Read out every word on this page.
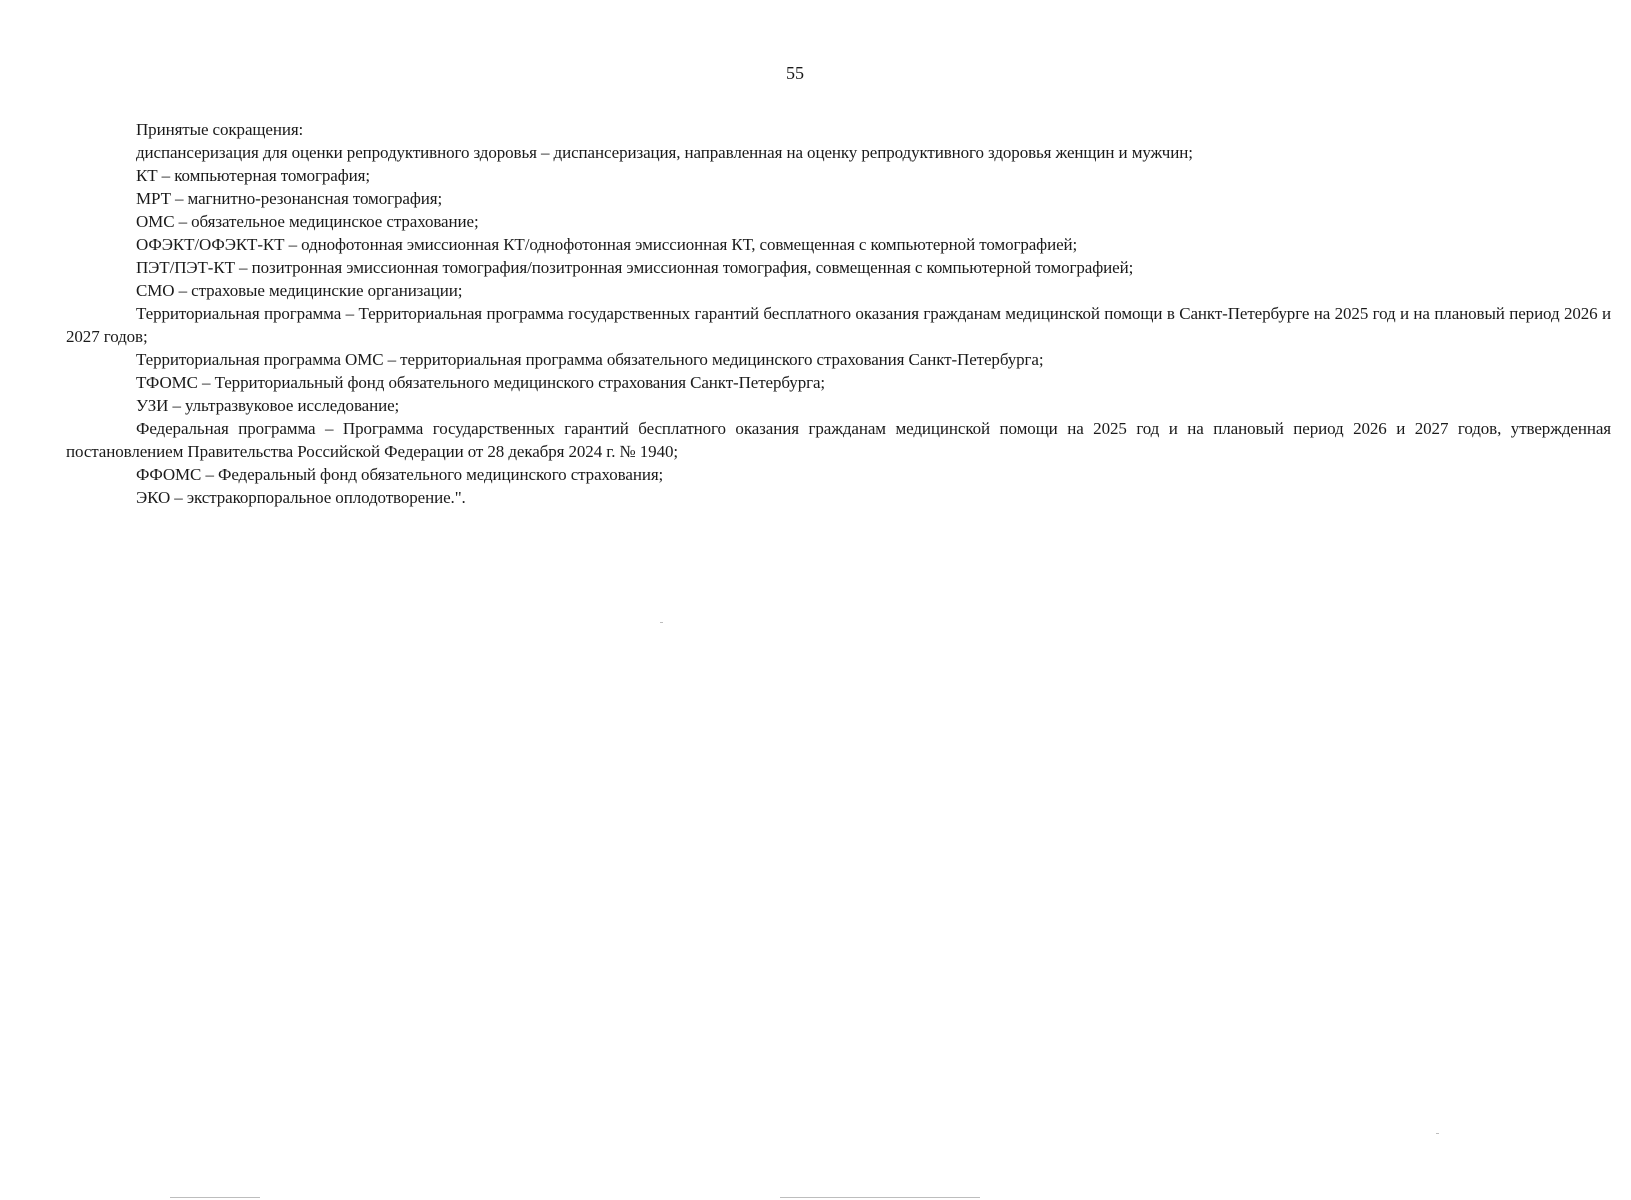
55

Принятые сокращения:

диспансеризация для оценки репродуктивного здоровья – диспансеризация, направленная на оценку репродуктивного здоровья женщин и мужчин;

КТ – компьютерная томография;

МРТ – магнитно-резонансная томография;

ОМС – обязательное медицинское страхование;

ОФЭКТ/ОФЭКТ-КТ – однофотонная эмиссионная КТ/однофотонная эмиссионная КТ, совмещенная с компьютерной томографией;

ПЭТ/ПЭТ-КТ – позитронная эмиссионная томография/позитронная эмиссионная томография, совмещенная с компьютерной томографией;

СМО – страховые медицинские организации;

Территориальная программа – Территориальная программа государственных гарантий бесплатного оказания гражданам медицинской помощи в Санкт-Петербурге на 2025 год и на плановый период 2026 и 2027 годов;

Территориальная программа ОМС – территориальная программа обязательного медицинского страхования Санкт-Петербурга;

ТФОМС – Территориальный фонд обязательного медицинского страхования Санкт-Петербурга;

УЗИ – ультразвуковое исследование;

Федеральная программа – Программа государственных гарантий бесплатного оказания гражданам медицинской помощи на 2025 год и на плановый период 2026 и 2027 годов, утвержденная постановлением Правительства Российской Федерации от 28 декабря 2024 г. № 1940;

ФФОМС – Федеральный фонд обязательного медицинского страхования;

ЭКО – экстракорпоральное оплодотворение.".
